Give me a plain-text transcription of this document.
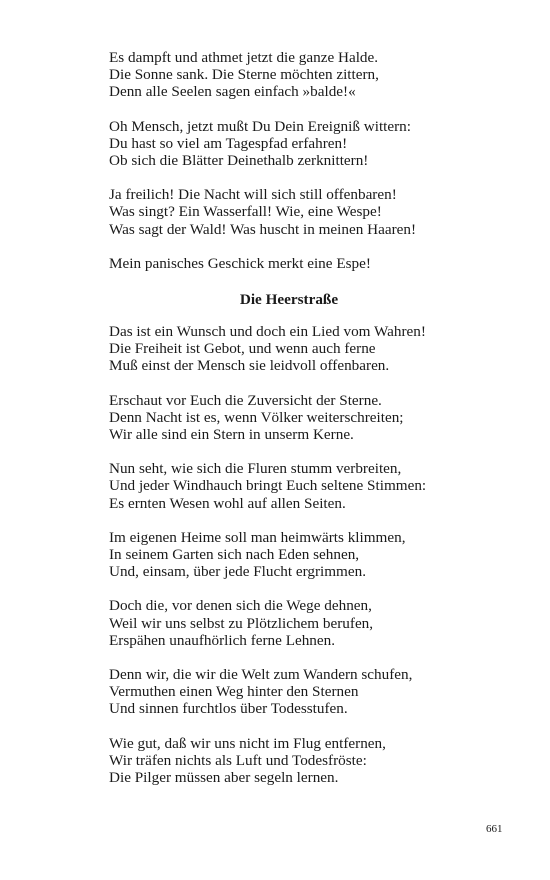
Es dampft und athmet jetzt die ganze Halde.
Die Sonne sank. Die Sterne möchten zittern,
Denn alle Seelen sagen einfach »balde!«

Oh Mensch, jetzt mußt Du Dein Ereigniß wittern:
Du hast so viel am Tagespfad erfahren!
Ob sich die Blätter Deinethalb zerknittern!

Ja freilich! Die Nacht will sich still offenbaren!
Was singt? Ein Wasserfall! Wie, eine Wespe!
Was sagt der Wald! Was huscht in meinen Haaren!

Mein panisches Geschick merkt eine Espe!

Die Heerstraße

Das ist ein Wunsch und doch ein Lied vom Wahren!
Die Freiheit ist Gebot, und wenn auch ferne
Muß einst der Mensch sie leidvoll offenbaren.

Erschaut vor Euch die Zuversicht der Sterne.
Denn Nacht ist es, wenn Völker weiterschreiten;
Wir alle sind ein Stern in unserm Kerne.

Nun seht, wie sich die Fluren stumm verbreiten,
Und jeder Windhauch bringt Euch seltene Stimmen:
Es ernten Wesen wohl auf allen Seiten.

Im eigenen Heime soll man heimwärts klimmen,
In seinem Garten sich nach Eden sehnen,
Und, einsam, über jede Flucht ergrimmen.

Doch die, vor denen sich die Wege dehnen,
Weil wir uns selbst zu Plötzlichem berufen,
Erspähen unaufhörlich ferne Lehnen.

Denn wir, die wir die Welt zum Wandern schufen,
Vermuthen einen Weg hinter den Sternen
Und sinnen furchtlos über Todesstufen.

Wie gut, daß wir uns nicht im Flug entfernen,
Wir träfen nichts als Luft und Todesfröste:
Die Pilger müssen aber segeln lernen.

661
